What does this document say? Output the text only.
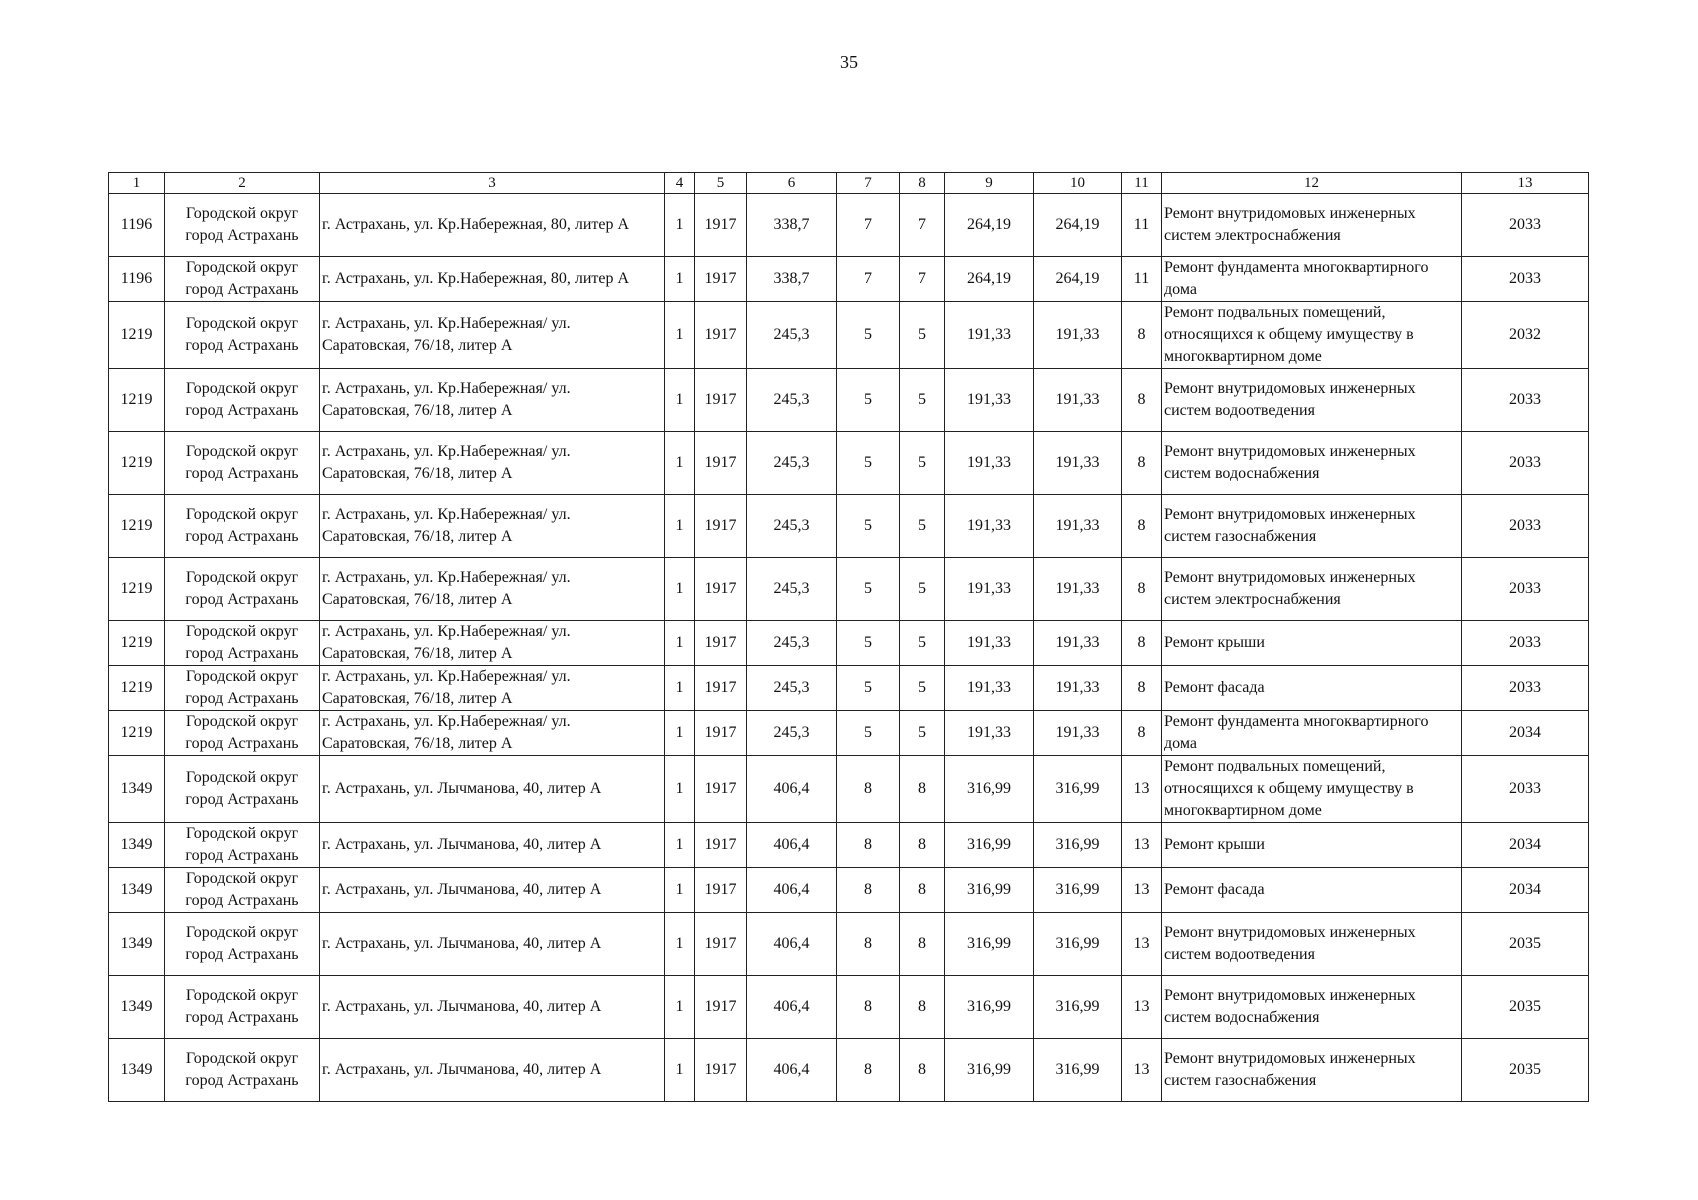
35
1	2	3	4	5	6	7	8	9	10	11	12	13
1196	Городской округ город Астрахань	г. Астрахань, ул. Кр.Набережная, 80, литер А	1	1917	338,7	7	7	264,19	264,19	11	Ремонт внутридомовых инженерных систем электроснабжения	2033
1196	Городской округ город Астрахань	г. Астрахань, ул. Кр.Набережная, 80, литер А	1	1917	338,7	7	7	264,19	264,19	11	Ремонт фундамента многоквартирного дома	2033
1219	Городской округ город Астрахань	г. Астрахань, ул. Кр.Набережная/ ул. Саратовская, 76/18, литер А	1	1917	245,3	5	5	191,33	191,33	8	Ремонт подвальных помещений, относящихся к общему имуществу в многоквартирном доме	2032
1219	Городской округ город Астрахань	г. Астрахань, ул. Кр.Набережная/ ул. Саратовская, 76/18, литер А	1	1917	245,3	5	5	191,33	191,33	8	Ремонт внутридомовых инженерных систем водоотведения	2033
1219	Городской округ город Астрахань	г. Астрахань, ул. Кр.Набережная/ ул. Саратовская, 76/18, литер А	1	1917	245,3	5	5	191,33	191,33	8	Ремонт внутридомовых инженерных систем водоснабжения	2033
1219	Городской округ город Астрахань	г. Астрахань, ул. Кр.Набережная/ ул. Саратовская, 76/18, литер А	1	1917	245,3	5	5	191,33	191,33	8	Ремонт внутридомовых инженерных систем газоснабжения	2033
1219	Городской округ город Астрахань	г. Астрахань, ул. Кр.Набережная/ ул. Саратовская, 76/18, литер А	1	1917	245,3	5	5	191,33	191,33	8	Ремонт внутридомовых инженерных систем электроснабжения	2033
1219	Городской округ город Астрахань	г. Астрахань, ул. Кр.Набережная/ ул. Саратовская, 76/18, литер А	1	1917	245,3	5	5	191,33	191,33	8	Ремонт крыши	2033
1219	Городской округ город Астрахань	г. Астрахань, ул. Кр.Набережная/ ул. Саратовская, 76/18, литер А	1	1917	245,3	5	5	191,33	191,33	8	Ремонт фасада	2033
1219	Городской округ город Астрахань	г. Астрахань, ул. Кр.Набережная/ ул. Саратовская, 76/18, литер А	1	1917	245,3	5	5	191,33	191,33	8	Ремонт фундамента многоквартирного дома	2034
1349	Городской округ город Астрахань	г. Астрахань, ул. Лычманова, 40, литер А	1	1917	406,4	8	8	316,99	316,99	13	Ремонт подвальных помещений, относящихся к общему имуществу в многоквартирном доме	2033
1349	Городской округ город Астрахань	г. Астрахань, ул. Лычманова, 40, литер А	1	1917	406,4	8	8	316,99	316,99	13	Ремонт крыши	2034
1349	Городской округ город Астрахань	г. Астрахань, ул. Лычманова, 40, литер А	1	1917	406,4	8	8	316,99	316,99	13	Ремонт фасада	2034
1349	Городской округ город Астрахань	г. Астрахань, ул. Лычманова, 40, литер А	1	1917	406,4	8	8	316,99	316,99	13	Ремонт внутридомовых инженерных систем водоотведения	2035
1349	Городской округ город Астрахань	г. Астрахань, ул. Лычманова, 40, литер А	1	1917	406,4	8	8	316,99	316,99	13	Ремонт внутридомовых инженерных систем водоснабжения	2035
1349	Городской округ город Астрахань	г. Астрахань, ул. Лычманова, 40, литер А	1	1917	406,4	8	8	316,99	316,99	13	Ремонт внутридомовых инженерных систем газоснабжения	2035
